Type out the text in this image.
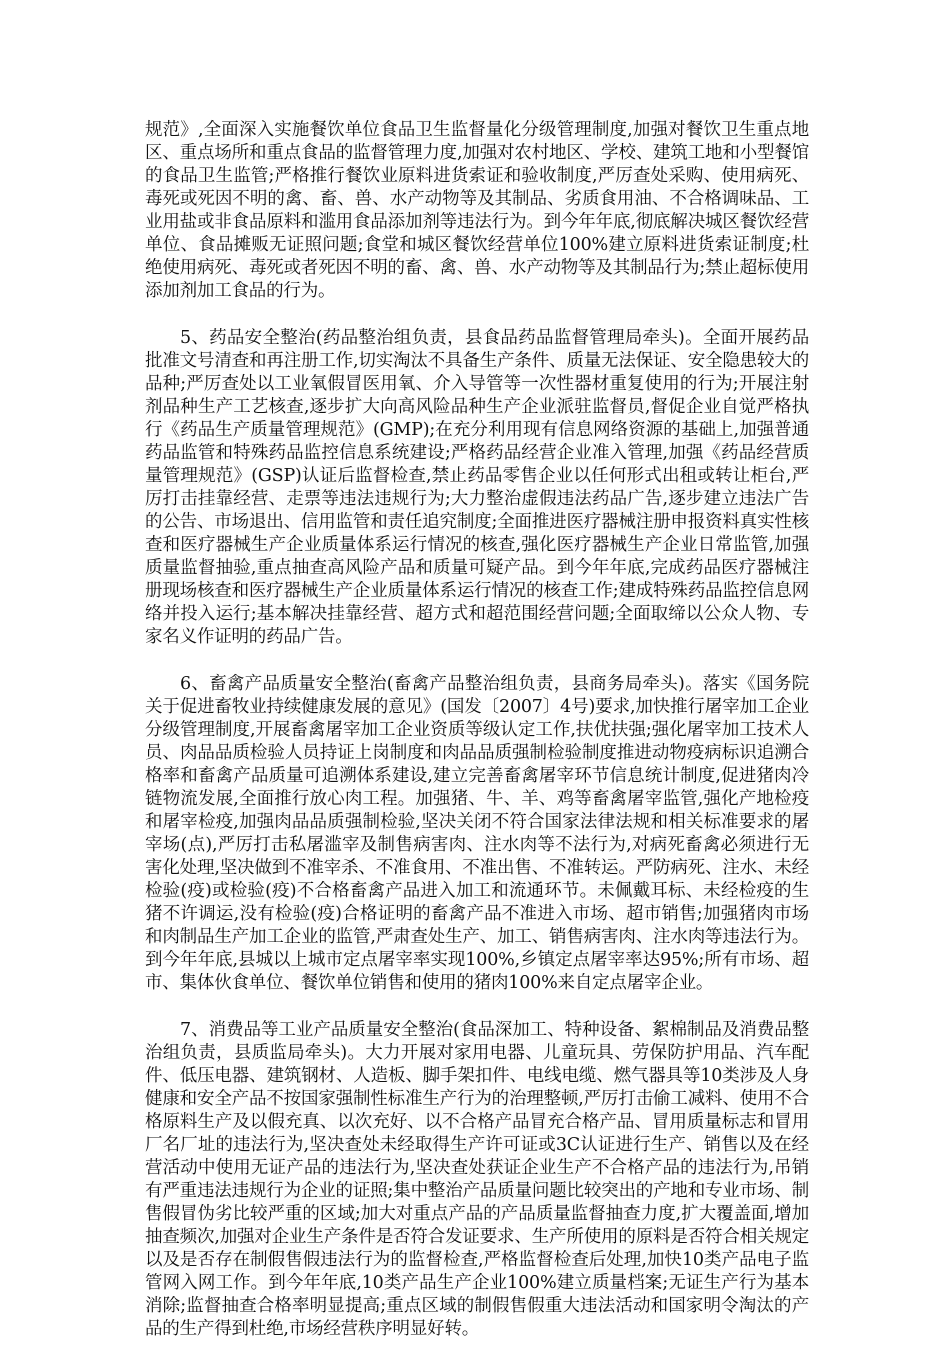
规范》,全面深入实施餐饮单位食品卫生监督量化分级管理制度,加强对餐饮卫生重点地区、重点场所和重点食品的监督管理力度,加强对农村地区、学校、建筑工地和小型餐馆的食品卫生监管;严格推行餐饮业原料进货索证和验收制度,严厉查处采购、使用病死、毒死或死因不明的禽、畜、兽、水产动物等及其制品、劣质食用油、不合格调味品、工业用盐或非食品原料和滥用食品添加剂等违法行为。到今年年底,彻底解决城区餐饮经营单位、食品摊贩无证照问题;食堂和城区餐饮经营单位100%建立原料进货索证制度;杜绝使用病死、毒死或者死因不明的畜、禽、兽、水产动物等及其制品行为;禁止超标使用添加剂加工食品的行为。

5、药品安全整治(药品整治组负责，县食品药品监督管理局牵头)。全面开展药品批准文号清查和再注册工作,切实淘汰不具备生产条件、质量无法保证、安全隐患较大的品种;严厉查处以工业氧假冒医用氧、介入导管等一次性器材重复使用的行为;开展注射剂品种生产工艺核查,逐步扩大向高风险品种生产企业派驻监督员,督促企业自觉严格执行《药品生产质量管理规范》(GMP);在充分利用现有信息网络资源的基础上,加强普通药品监管和特殊药品监控信息系统建设;严格药品经营企业准入管理,加强《药品经营质量管理规范》(GSP)认证后监督检查,禁止药品零售企业以任何形式出租或转让柜台,严厉打击挂靠经营、走票等违法违规行为;大力整治虚假违法药品广告,逐步建立违法广告的公告、市场退出、信用监管和责任追究制度;全面推进医疗器械注册申报资料真实性核查和医疗器械生产企业质量体系运行情况的核查,强化医疗器械生产企业日常监管,加强质量监督抽验,重点抽查高风险产品和质量可疑产品。到今年年底,完成药品医疗器械注册现场核查和医疗器械生产企业质量体系运行情况的核查工作;建成特殊药品监控信息网络并投入运行;基本解决挂靠经营、超方式和超范围经营问题;全面取缔以公众人物、专家名义作证明的药品广告。

6、畜禽产品质量安全整治(畜禽产品整治组负责，县商务局牵头)。落实《国务院关于促进畜牧业持续健康发展的意见》(国发〔2007〕4号)要求,加快推行屠宰加工企业分级管理制度,开展畜禽屠宰加工企业资质等级认定工作,扶优扶强;强化屠宰加工技术人员、肉品品质检验人员持证上岗制度和肉品品质强制检验制度推进动物疫病标识追溯合格率和畜禽产品质量可追溯体系建设,建立完善畜禽屠宰环节信息统计制度,促进猪肉冷链物流发展,全面推行放心肉工程。加强猪、牛、羊、鸡等畜禽屠宰监管,强化产地检疫和屠宰检疫,加强肉品品质强制检验,坚决关闭不符合国家法律法规和相关标准要求的屠宰场(点),严厉打击私屠滥宰及制售病害肉、注水肉等不法行为,对病死畜禽必须进行无害化处理,坚决做到不准宰杀、不准食用、不准出售、不准转运。严防病死、注水、未经检验(疫)或检验(疫)不合格畜禽产品进入加工和流通环节。未佩戴耳标、未经检疫的生猪不许调运,没有检验(疫)合格证明的畜禽产品不准进入市场、超市销售;加强猪肉市场和肉制品生产加工企业的监管,严肃查处生产、加工、销售病害肉、注水肉等违法行为。到今年年底,县城以上城市定点屠宰率实现100%,乡镇定点屠宰率达95%;所有市场、超市、集体伙食单位、餐饮单位销售和使用的猪肉100%来自定点屠宰企业。

7、消费品等工业产品质量安全整治(食品深加工、特种设备、絮棉制品及消费品整治组负责，县质监局牵头)。大力开展对家用电器、儿童玩具、劳保防护用品、汽车配件、低压电器、建筑钢材、人造板、脚手架扣件、电线电缆、燃气器具等10类涉及人身健康和安全产品不按国家强制性标准生产行为的治理整顿,严厉打击偷工减料、使用不合格原料生产及以假充真、以次充好、以不合格产品冒充合格产品、冒用质量标志和冒用厂名厂址的违法行为,坚决查处未经取得生产许可证或3C认证进行生产、销售以及在经营活动中使用无证产品的违法行为,坚决查处获证企业生产不合格产品的违法行为,吊销有严重违法违规行为企业的证照;集中整治产品质量问题比较突出的产地和专业市场、制售假冒伪劣比较严重的区域;加大对重点产品的产品质量监督抽查力度,扩大覆盖面,增加抽查频次,加强对企业生产条件是否符合发证要求、生产所使用的原料是否符合相关规定以及是否存在制假售假违法行为的监督检查,严格监督检查后处理,加快10类产品电子监管网入网工作。到今年年底,10类产品生产企业100%建立质量档案;无证生产行为基本消除;监督抽查合格率明显提高;重点区域的制假售假重大违法活动和国家明令淘汰的产品的生产得到杜绝,市场经营秩序明显好转。
